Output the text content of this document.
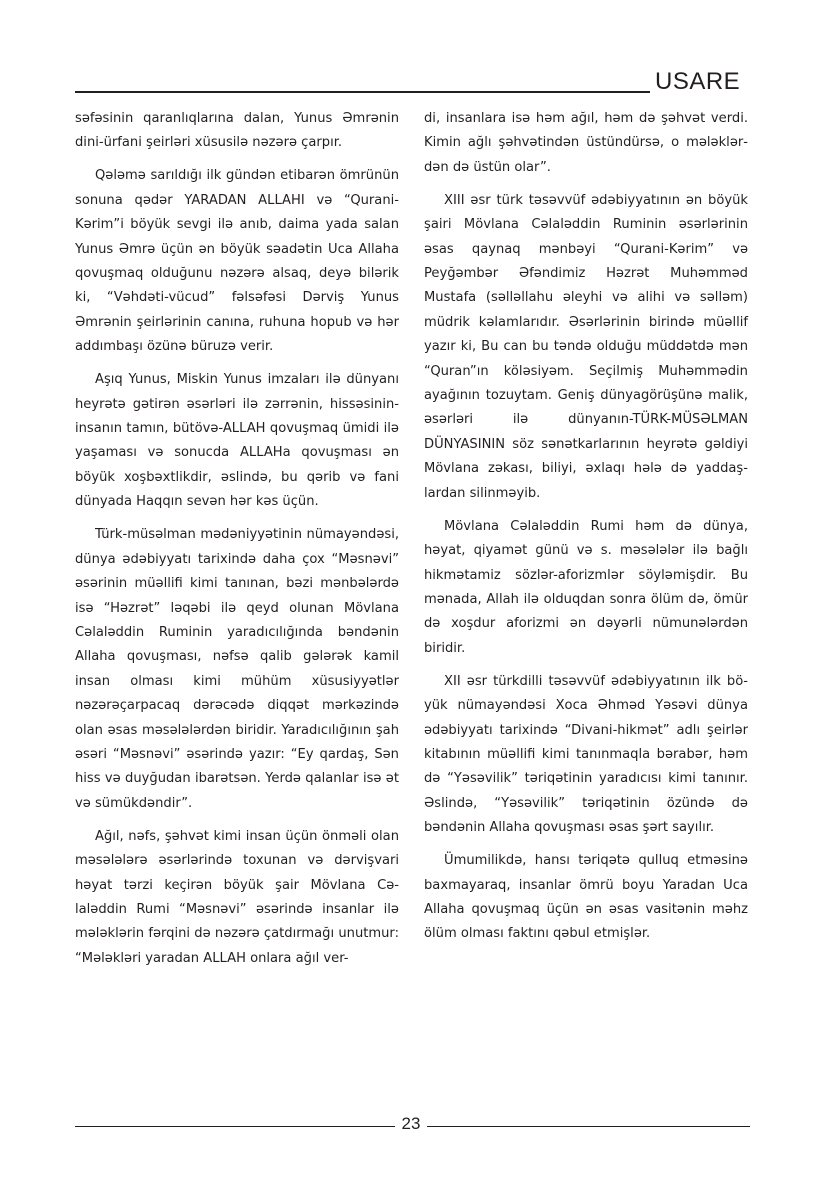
USARE

səfəsinin qaranlıqlarına dalan, Yunus Əmrənin dini-ürfani şeirləri xüsusilə nəzərə çarpır.

Qələmə sarıldığı ilk gündən etibarən ömrünün sonuna qədər YARADAN ALLAHI və “Qurani-Kərim”i böyük sevgi ilə anıb, daima yada salan Yunus Əmrə üçün ən böyük səadətin Uca Allaha qovuşmaq olduğunu nəzərə alsaq, deyə bilərik ki, “Vəhdəti-vücud” fəlsəfəsi Dərviş Yunus Əmrənin şeirlərinin canına, ruhuna hopub və hər addımbaşı özünə büruzə verir.

Aşıq Yunus, Miskin Yunus imzaları ilə dünyanı heyrətə gətirən əsərləri ilə zərrənin, hissəsinin-insanın tamın, bütövə-ALLAH qovuşmaq ümidi ilə yaşaması və sonucda ALLAHa qovuşması ən böyük xoşbəxtlikdir, əslində, bu qərib və fani dünyada Haqqın sevən hər kəs üçün.

Türk-müsəlman mədəniyyətinin nümayəndəsi, dünya ədəbiyyatı tarixində daha çox “Məsnəvi” əsərinin müəllifi kimi tanınan, bəzi mənbələrdə isə “Həzrət” ləqəbi ilə qeyd olunan Mövlana Cəlaləddin Ruminin yaradıcılığında bəndənin Allaha qovuşması, nəfsə qalib gələrək kamil insan olması kimi mühüm xüsusiyyətlər nəzərəçarpacaq dərəcədə diqqət mərkəzində olan əsas məsələlərdən biridir. Yaradıcılığının şah əsəri “Məsnəvi” əsərində yazır: “Ey qardaş, Sən hiss və duyğudan ibarətsən. Yerdə qalanlar isə ət və sümükdəndir”.

Ağıl, nəfs, şəhvət kimi insan üçün önməli olan məsələlərə əsərlərində toxunan və dərvişvari həyat tərzi keçirən böyük şair Mövlana Cəlaləddin Rumi “Məsnəvi” əsərində insanlar ilə mələklərin fərqini də nəzərə çatdırmağı unutmur: “Mələkləri yaradan ALLAH onlara ağıl ver-

di, insanlara isə həm ağıl, həm də şəhvət verdi. Kimin ağlı şəhvətindən üstündürsə, o mələklərdən də üstün olar”.

XIII əsr türk təsəvvüf ədəbiyyatının ən böyük şairi Mövlana Cəlaləddin Ruminin əsərlərinin əsas qaynaq mənbəyi “Qurani-Kərim” və Peyğəmbər Əfəndimiz Həzrət Muhəmməd Mustafa (səlləllahu əleyhi və alihi və səlləm) müdrik kəlamlarıdır. Əsərlərinin birində müəllif yazır ki, Bu can bu təndə olduğu müddətdə mən “Quran”ın köləsiyəm. Seçilmiş Muhəmmədin ayağının tozuytam. Geniş dünyagörüşünə malik, əsərləri ilə dünyanın-TÜRK-MÜSƏLMAN DÜNYASININ söz sənətkarlarının heyrətə gəldiyi Mövlana zəkası, biliyi, əxlaqı hələ də yaddaşlardan silinməyib.

Mövlana Cəlaləddin Rumi həm də dünya, həyat, qiyamət günü və s. məsələlər ilə bağlı hikmətamiz sözlər-aforizmlər söyləmişdir. Bu mənada, Allah ilə olduqdan sonra ölüm də, ömür də xoşdur aforizmi ən dəyərli nümunələrdən biridir.

XII əsr türkdilli təsəvvüf ədəbiyyatının ilk böyük nümayəndəsi Xoca Əhməd Yəsəvi dünya ədəbiyyatı tarixində “Divani-hikmət” adlı şeirlər kitabının müəllifi kimi tanınmaqla bərabər, həm də “Yəsəvilik” təriqətinin yaradıcısı kimi tanınır. Əslində, “Yəsəvilik” təriqətinin özündə də bəndənin Allaha qovuşması əsas şərt sayılır.

Ümumilikdə, hansı təriqətə qulluq etməsinə baxmayaraq, insanlar ömrü boyu Yaradan Uca Allaha qovuşmaq üçün ən əsas vasitənin məhz ölüm olması faktını qəbul etmişlər.

23
